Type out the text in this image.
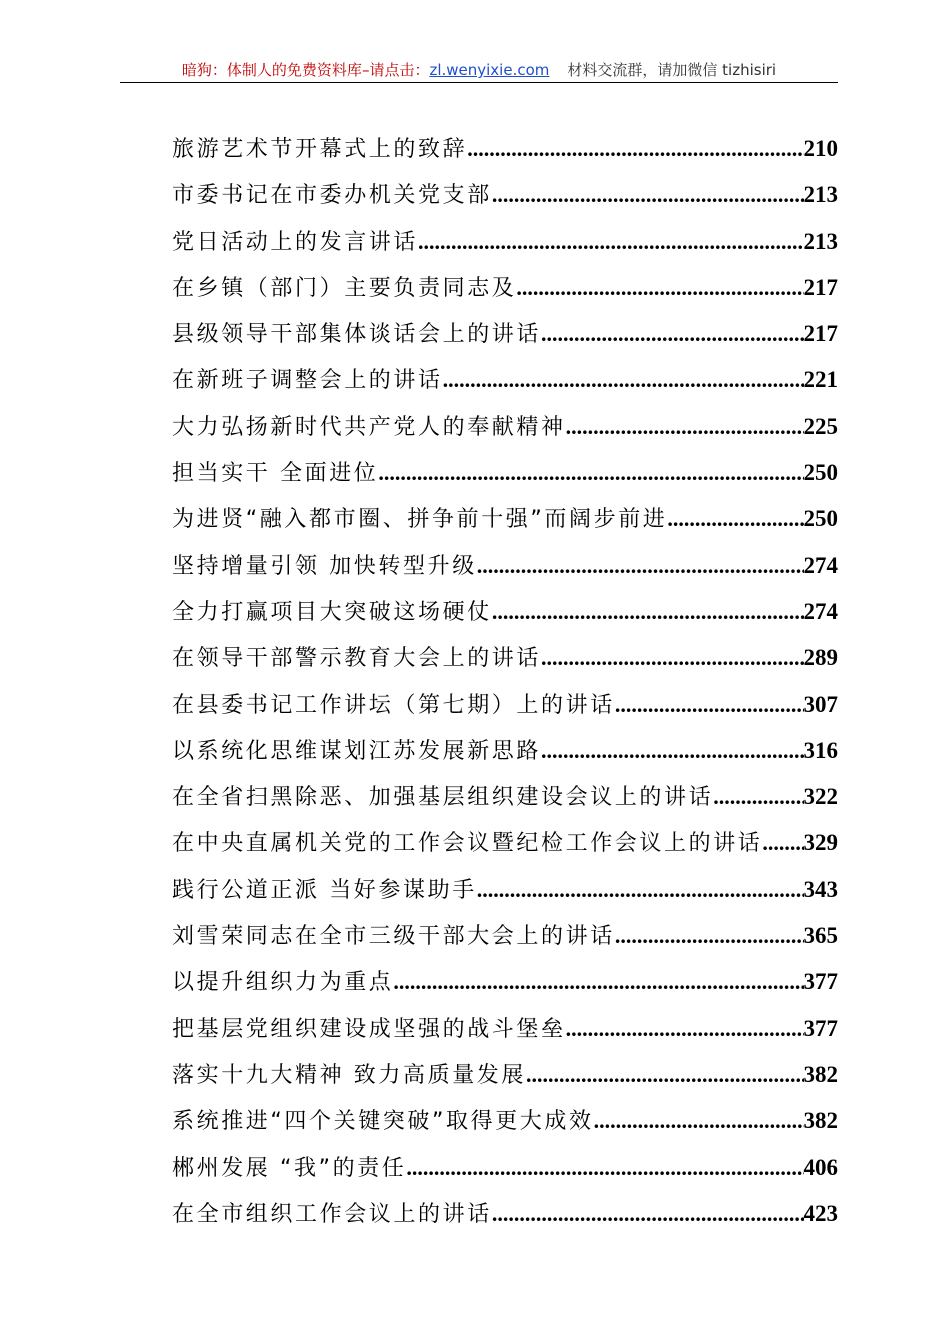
暗狗：体制人的免费资料库–请点击：zl.wenyixie.com 材料交流群，请加微信 tizhisiri
旅游艺术节开幕式上的致辞 .....	210
市委书记在市委办机关党支部 .....	213
党日活动上的发言讲话 .....	213
在乡镇（部门）主要负责同志及 .....	217
县级领导干部集体谈话会上的讲话 .....	217
在新班子调整会上的讲话 .....	221
大力弘扬新时代共产党人的奉献精神 .....	225
担当实干 全面进位 .....	250
为进贤“融入都市圈、拼争前十强”而阔步前进 .....	250
坚持增量引领 加快转型升级 .....	274
全力打赢项目大突破这场硬仗 .....	274
在领导干部警示教育大会上的讲话 .....	289
在县委书记工作讲坛（第七期）上的讲话 .....	307
以系统化思维谋划江苏发展新思路 .....	316
在全省扫黑除恶、加强基层组织建设会议上的讲话 .....	322
在中央直属机关党的工作会议暨纪检工作会议上的讲话 ..... 329
践行公道正派 当好参谋助手 .....	343
刘雪荣同志在全市三级干部大会上的讲话 .....	365
以提升组织力为重点 .....	377
把基层党组织建设成坚强的战斗堡垒 .....	377
落实十九大精神 致力高质量发展 .....	382
系统推进“四个关键突破”取得更大成效 .....	382
郴州发展 “我”的责任 .....	406
在全市组织工作会议上的讲话 .....	423
